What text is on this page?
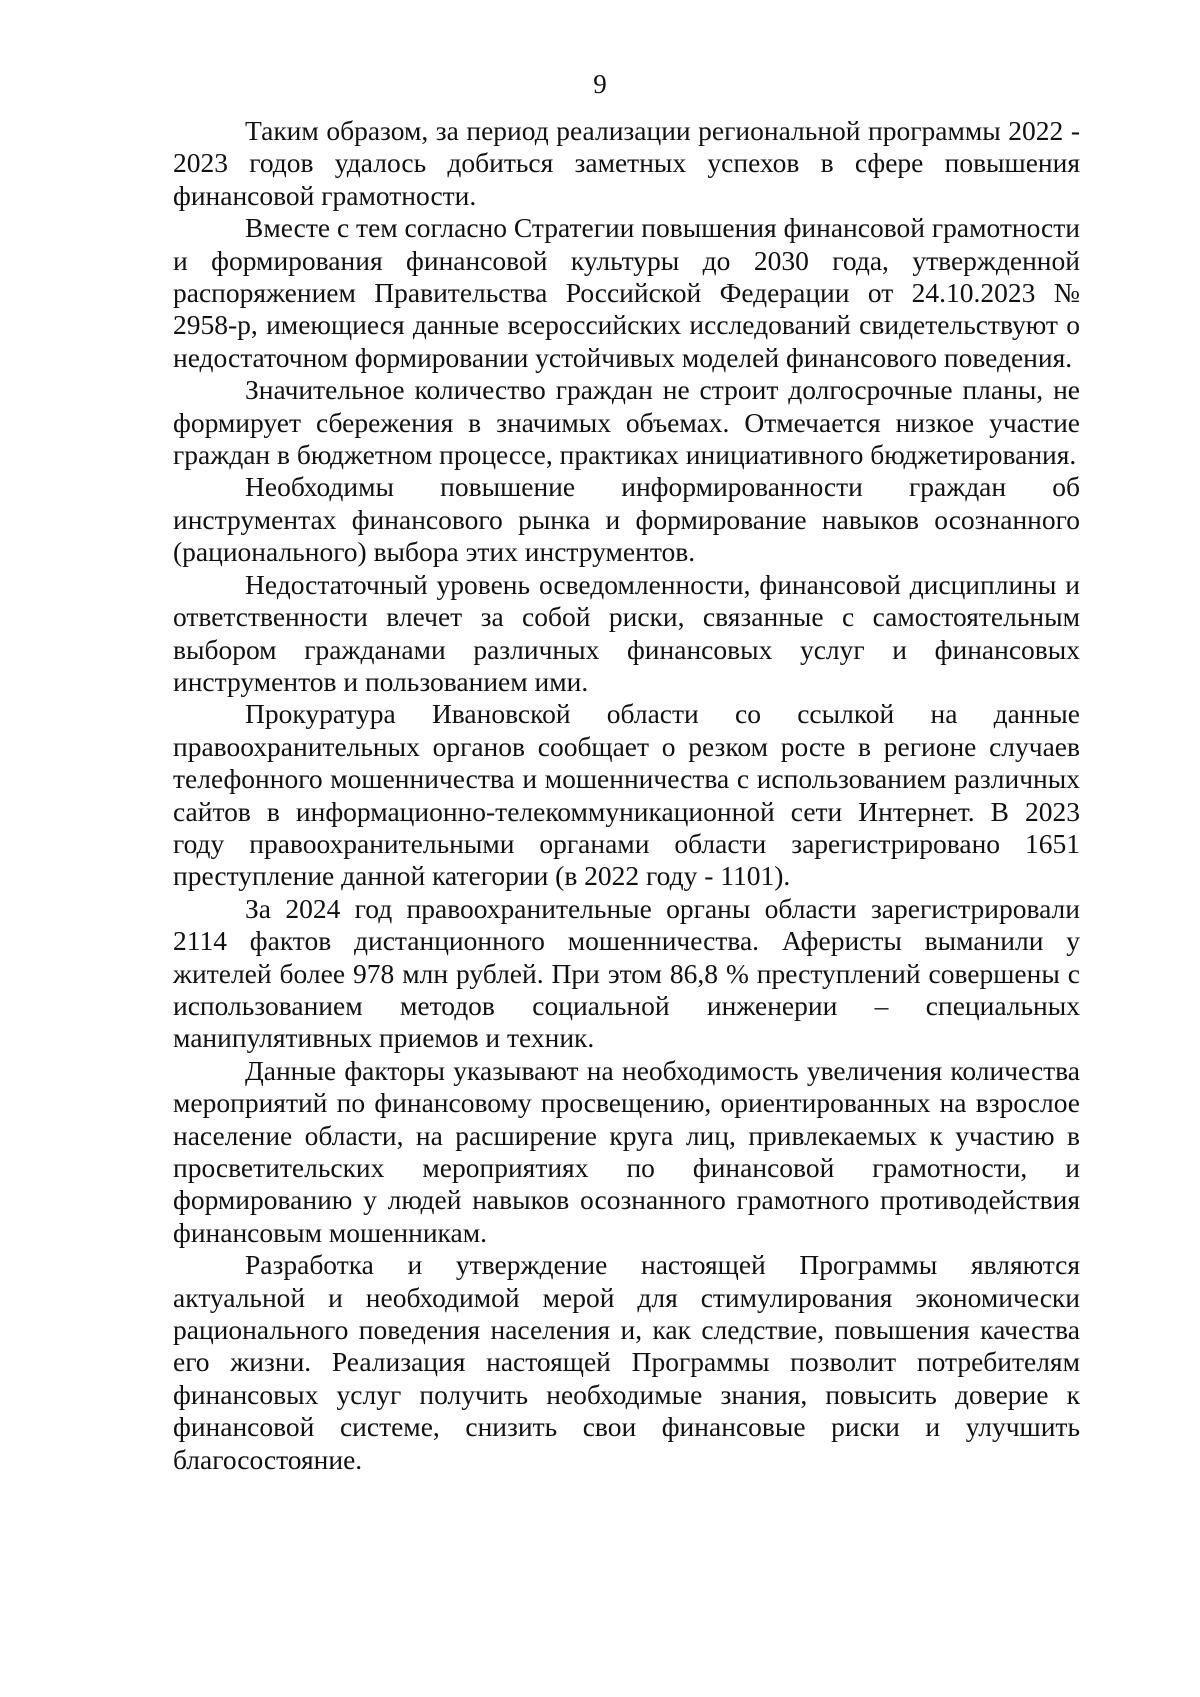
9

Таким образом, за период реализации региональной программы 2022 - 2023 годов удалось добиться заметных успехов в сфере повышения финансовой грамотности.

Вместе с тем согласно Стратегии повышения финансовой грамотности и формирования финансовой культуры до 2030 года, утвержденной распоряжением Правительства Российской Федерации от 24.10.2023 № 2958-р, имеющиеся данные всероссийских исследований свидетельствуют о недостаточном формировании устойчивых моделей финансового поведения.

Значительное количество граждан не строит долгосрочные планы, не формирует сбережения в значимых объемах. Отмечается низкое участие граждан в бюджетном процессе, практиках инициативного бюджетирования.

Необходимы повышение информированности граждан об инструментах финансового рынка и формирование навыков осознанного (рационального) выбора этих инструментов.

Недостаточный уровень осведомленности, финансовой дисциплины и ответственности влечет за собой риски, связанные с самостоятельным выбором гражданами различных финансовых услуг и финансовых инструментов и пользованием ими.

Прокуратура Ивановской области со ссылкой на данные правоохранительных органов сообщает о резком росте в регионе случаев телефонного мошенничества и мошенничества с использованием различных сайтов в информационно-телекоммуникационной сети Интернет. В 2023 году правоохранительными органами области зарегистрировано 1651 преступление данной категории (в 2022 году - 1101).

За 2024 год правоохранительные органы области зарегистрировали 2114 фактов дистанционного мошенничества. Аферисты выманили у жителей более 978 млн рублей. При этом 86,8 % преступлений совершены с использованием методов социальной инженерии – специальных манипулятивных приемов и техник.

Данные факторы указывают на необходимость увеличения количества мероприятий по финансовому просвещению, ориентированных на взрослое население области, на расширение круга лиц, привлекаемых к участию в просветительских мероприятиях по финансовой грамотности, и формированию у людей навыков осознанного грамотного противодействия финансовым мошенникам.

Разработка и утверждение настоящей Программы являются актуальной и необходимой мерой для стимулирования экономически рационального поведения населения и, как следствие, повышения качества его жизни. Реализация настоящей Программы позволит потребителям финансовых услуг получить необходимые знания, повысить доверие к финансовой системе, снизить свои финансовые риски и улучшить благосостояние.
